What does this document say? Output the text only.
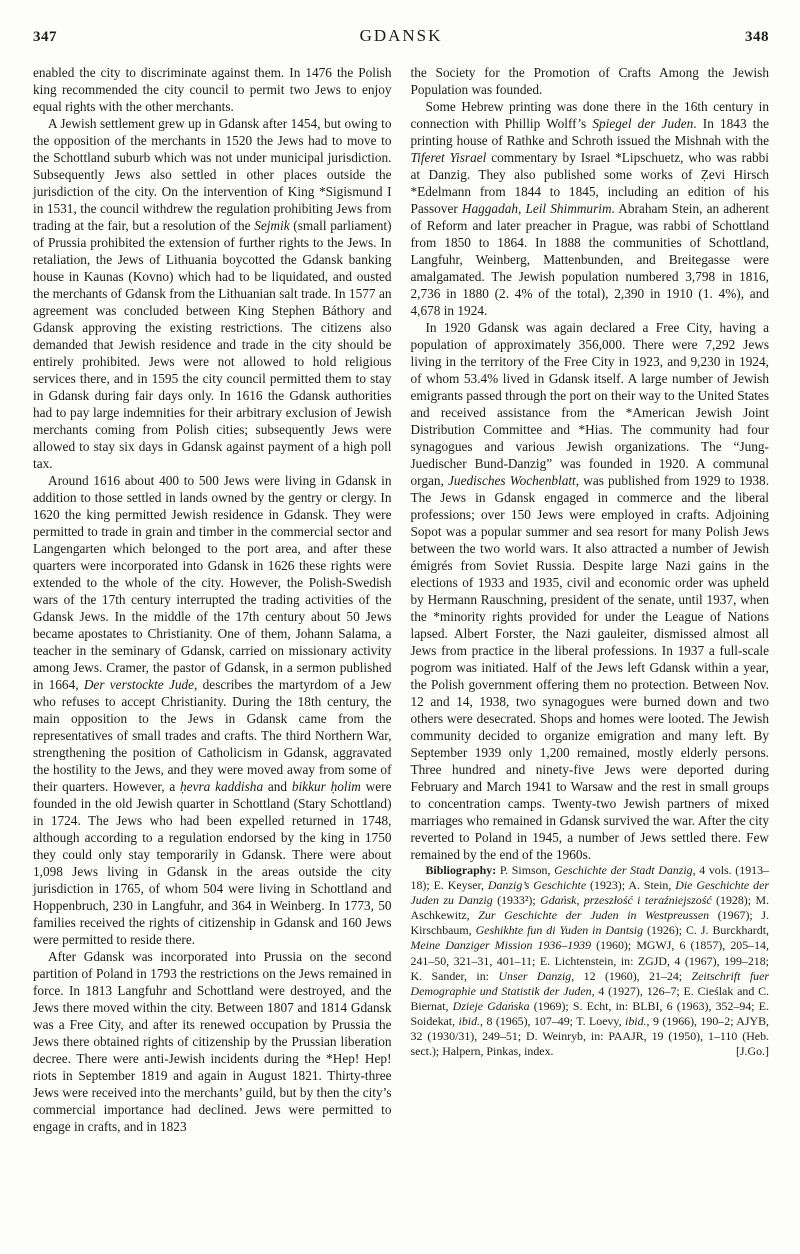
347	GDANSK	348

enabled the city to discriminate against them. In 1476 the Polish king recommended the city council to permit two Jews to enjoy equal rights with the other merchants.

A Jewish settlement grew up in Gdansk after 1454, but owing to the opposition of the merchants in 1520 the Jews had to move to the Schottland suburb which was not under municipal jurisdiction. Subsequently Jews also settled in other places outside the jurisdiction of the city. On the intervention of King *Sigismund I in 1531, the council withdrew the regulation prohibiting Jews from trading at the fair, but a resolution of the Sejmik (small parliament) of Prussia prohibited the extension of further rights to the Jews. In retaliation, the Jews of Lithuania boycotted the Gdansk banking house in Kaunas (Kovno) which had to be liquidated, and ousted the merchants of Gdansk from the Lithuanian salt trade. In 1577 an agreement was concluded between King Stephen Báthory and Gdansk approving the existing restrictions. The citizens also demanded that Jewish residence and trade in the city should be entirely prohibited. Jews were not allowed to hold religious services there, and in 1595 the city council permitted them to stay in Gdansk during fair days only. In 1616 the Gdansk authorities had to pay large indemnities for their arbitrary exclusion of Jewish merchants coming from Polish cities; subsequently Jews were allowed to stay six days in Gdansk against payment of a high poll tax.

Around 1616 about 400 to 500 Jews were living in Gdansk in addition to those settled in lands owned by the gentry or clergy. In 1620 the king permitted Jewish residence in Gdansk. They were permitted to trade in grain and timber in the commercial sector and Langengarten which belonged to the port area, and after these quarters were incorporated into Gdansk in 1626 these rights were extended to the whole of the city. However, the Polish-Swedish wars of the 17th century interrupted the trading activities of the Gdansk Jews. In the middle of the 17th century about 50 Jews became apostates to Christianity. One of them, Johann Salama, a teacher in the seminary of Gdansk, carried on missionary activity among Jews. Cramer, the pastor of Gdansk, in a sermon published in 1664, Der verstockte Jude, describes the martyrdom of a Jew who refuses to accept Christianity. During the 18th century, the main opposition to the Jews in Gdansk came from the representatives of small trades and crafts. The third Northern War, strengthening the position of Catholicism in Gdansk, aggravated the hostility to the Jews, and they were moved away from some of their quarters. However, a ḥevra kaddisha and bikkur ḥolim were founded in the old Jewish quarter in Schottland (Stary Schottland) in 1724. The Jews who had been expelled returned in 1748, although according to a regulation endorsed by the king in 1750 they could only stay temporarily in Gdansk. There were about 1,098 Jews living in Gdansk in the areas outside the city jurisdiction in 1765, of whom 504 were living in Schottland and Hoppenbruch, 230 in Langfuhr, and 364 in Weinberg. In 1773, 50 families received the rights of citizenship in Gdansk and 160 Jews were permitted to reside there.

After Gdansk was incorporated into Prussia on the second partition of Poland in 1793 the restrictions on the Jews remained in force. In 1813 Langfuhr and Schottland were destroyed, and the Jews there moved within the city. Between 1807 and 1814 Gdansk was a Free City, and after its renewed occupation by Prussia the Jews there obtained rights of citizenship by the Prussian liberation decree. There were anti-Jewish incidents during the *Hep! Hep! riots in September 1819 and again in August 1821. Thirty-three Jews were received into the merchants’ guild, but by then the city’s commercial importance had declined. Jews were permitted to engage in crafts, and in 1823

the Society for the Promotion of Crafts Among the Jewish Population was founded.

Some Hebrew printing was done there in the 16th century in connection with Phillip Wolff’s Spiegel der Juden. In 1843 the printing house of Rathke and Schroth issued the Mishnah with the Tiferet Yisrael commentary by Israel *Lipschuetz, who was rabbi at Danzig. They also published some works of Ẓevi Hirsch *Edelmann from 1844 to 1845, including an edition of his Passover Haggadah, Leil Shimmurim. Abraham Stein, an adherent of Reform and later preacher in Prague, was rabbi of Schottland from 1850 to 1864. In 1888 the communities of Schottland, Langfuhr, Weinberg, Mattenbunden, and Breitegasse were amalgamated. The Jewish population numbered 3,798 in 1816, 2,736 in 1880 (2. 4% of the total), 2,390 in 1910 (1. 4%), and 4,678 in 1924.

In 1920 Gdansk was again declared a Free City, having a population of approximately 356,000. There were 7,292 Jews living in the territory of the Free City in 1923, and 9,230 in 1924, of whom 53.4% lived in Gdansk itself. A large number of Jewish emigrants passed through the port on their way to the United States and received assistance from the *American Jewish Joint Distribution Committee and *Hias. The community had four synagogues and various Jewish organizations. The “Jung-Juedischer Bund-Danzig” was founded in 1920. A communal organ, Juedisches Wochenblatt, was published from 1929 to 1938. The Jews in Gdansk engaged in commerce and the liberal professions; over 150 Jews were employed in crafts. Adjoining Sopot was a popular summer and sea resort for many Polish Jews between the two world wars. It also attracted a number of Jewish émigrés from Soviet Russia. Despite large Nazi gains in the elections of 1933 and 1935, civil and economic order was upheld by Hermann Rauschning, president of the senate, until 1937, when the *minority rights provided for under the League of Nations lapsed. Albert Forster, the Nazi gauleiter, dismissed almost all Jews from practice in the liberal professions. In 1937 a full-scale pogrom was initiated. Half of the Jews left Gdansk within a year, the Polish government offering them no protection. Between Nov. 12 and 14, 1938, two synagogues were burned down and two others were desecrated. Shops and homes were looted. The Jewish community decided to organize emigration and many left. By September 1939 only 1,200 remained, mostly elderly persons. Three hundred and ninety-five Jews were deported during February and March 1941 to Warsaw and the rest in small groups to concentration camps. Twenty-two Jewish partners of mixed marriages who remained in Gdansk survived the war. After the city reverted to Poland in 1945, a number of Jews settled there. Few remained by the end of the 1960s.

Bibliography: P. Simson, Geschichte der Stadt Danzig, 4 vols. (1913–18); E. Keyser, Danzig’s Geschichte (1923); A. Stein, Die Geschichte der Juden zu Danzig (1933²); Gdańsk, przeszłość i teraźniejszość (1928); M. Aschkewitz, Zur Geschichte der Juden in Westpreussen (1967); J. Kirschbaum, Geshikhte fun di Yuden in Dantsig (1926); C. J. Burckhardt, Meine Danziger Mission 1936–1939 (1960); MGWJ, 6 (1857), 205–14, 241–50, 321–31, 401–11; E. Lichtenstein, in: ZGJD, 4 (1967), 199–218; K. Sander, in: Unser Danzig, 12 (1960), 21–24; Zeitschrift fuer Demographie und Statistik der Juden, 4 (1927), 126–7; E. Cieślak and C. Biernat, Dzieje Gdańska (1969); S. Echt, in: BLBI, 6 (1963), 352–94; E. Soidekat, ibid., 8 (1965), 107–49; T. Loevy, ibid., 9 (1966), 190–2; AJYB, 32 (1930/31), 249–51; D. Weinryb, in: PAAJR, 19 (1950), 1–110 (Heb. sect.); Halpern, Pinkas, index.	[J.Go.]
